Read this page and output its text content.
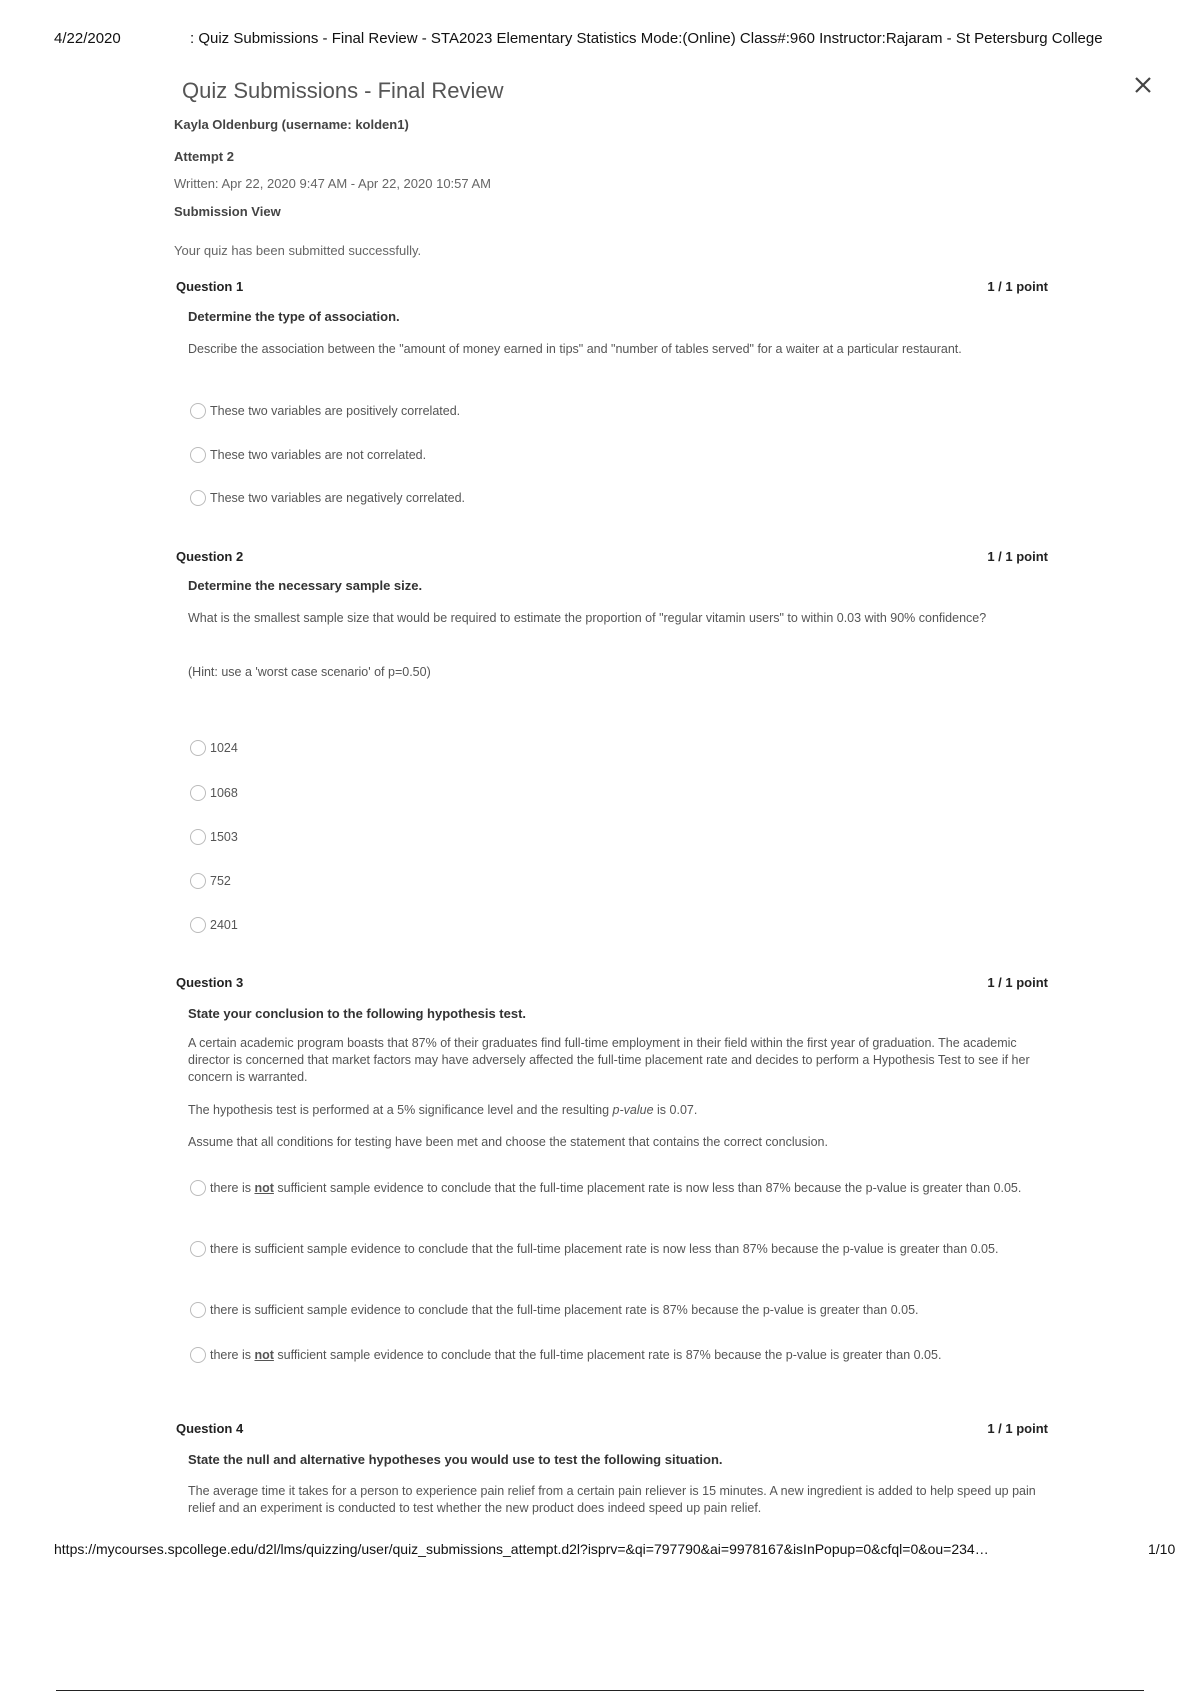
4/22/2020	: Quiz Submissions - Final Review - STA2023 Elementary Statistics Mode:(Online) Class#:960 Instructor:Rajaram - St Petersburg College
Quiz Submissions - Final Review
Kayla Oldenburg (username: kolden1)
Attempt 2
Written: Apr 22, 2020 9:47 AM - Apr 22, 2020 10:57 AM
Submission View
Your quiz has been submitted successfully.
Question 1	1 / 1 point
Determine the type of association.
Describe the association between the "amount of money earned in tips" and "number of tables served" for a waiter at a particular restaurant.
These two variables are positively correlated.
These two variables are not correlated.
These two variables are negatively correlated.
Question 2	1 / 1 point
Determine the necessary sample size.
What is the smallest sample size that would be required to estimate the proportion of "regular vitamin users" to within 0.03 with 90% confidence?
(Hint: use a 'worst case scenario' of p=0.50)
1024
1068
1503
752
2401
Question 3	1 / 1 point
State your conclusion to the following hypothesis test.
A certain academic program boasts that 87% of their graduates find full-time employment in their field within the first year of graduation. The academic director is concerned that market factors may have adversely affected the full-time placement rate and decides to perform a Hypothesis Test to see if her concern is warranted.
The hypothesis test is performed at a 5% significance level and the resulting p-value is 0.07.
Assume that all conditions for testing have been met and choose the statement that contains the correct conclusion.
there is not sufficient sample evidence to conclude that the full-time placement rate is now less than 87% because the p-value is greater than 0.05.
there is sufficient sample evidence to conclude that the full-time placement rate is now less than 87% because the p-value is greater than 0.05.
there is sufficient sample evidence to conclude that the full-time placement rate is 87% because the p-value is greater than 0.05.
there is not sufficient sample evidence to conclude that the full-time placement rate is 87% because the p-value is greater than 0.05.
Question 4	1 / 1 point
State the null and alternative hypotheses you would use to test the following situation.
The average time it takes for a person to experience pain relief from a certain pain reliever is 15 minutes. A new ingredient is added to help speed up pain relief and an experiment is conducted to test whether the new product does indeed speed up pain relief.
https://mycourses.spcollege.edu/d2l/lms/quizzing/user/quiz_submissions_attempt.d2l?isprv=&qi=797790&ai=9978167&isInPopup=0&cfql=0&ou=234…	1/10
